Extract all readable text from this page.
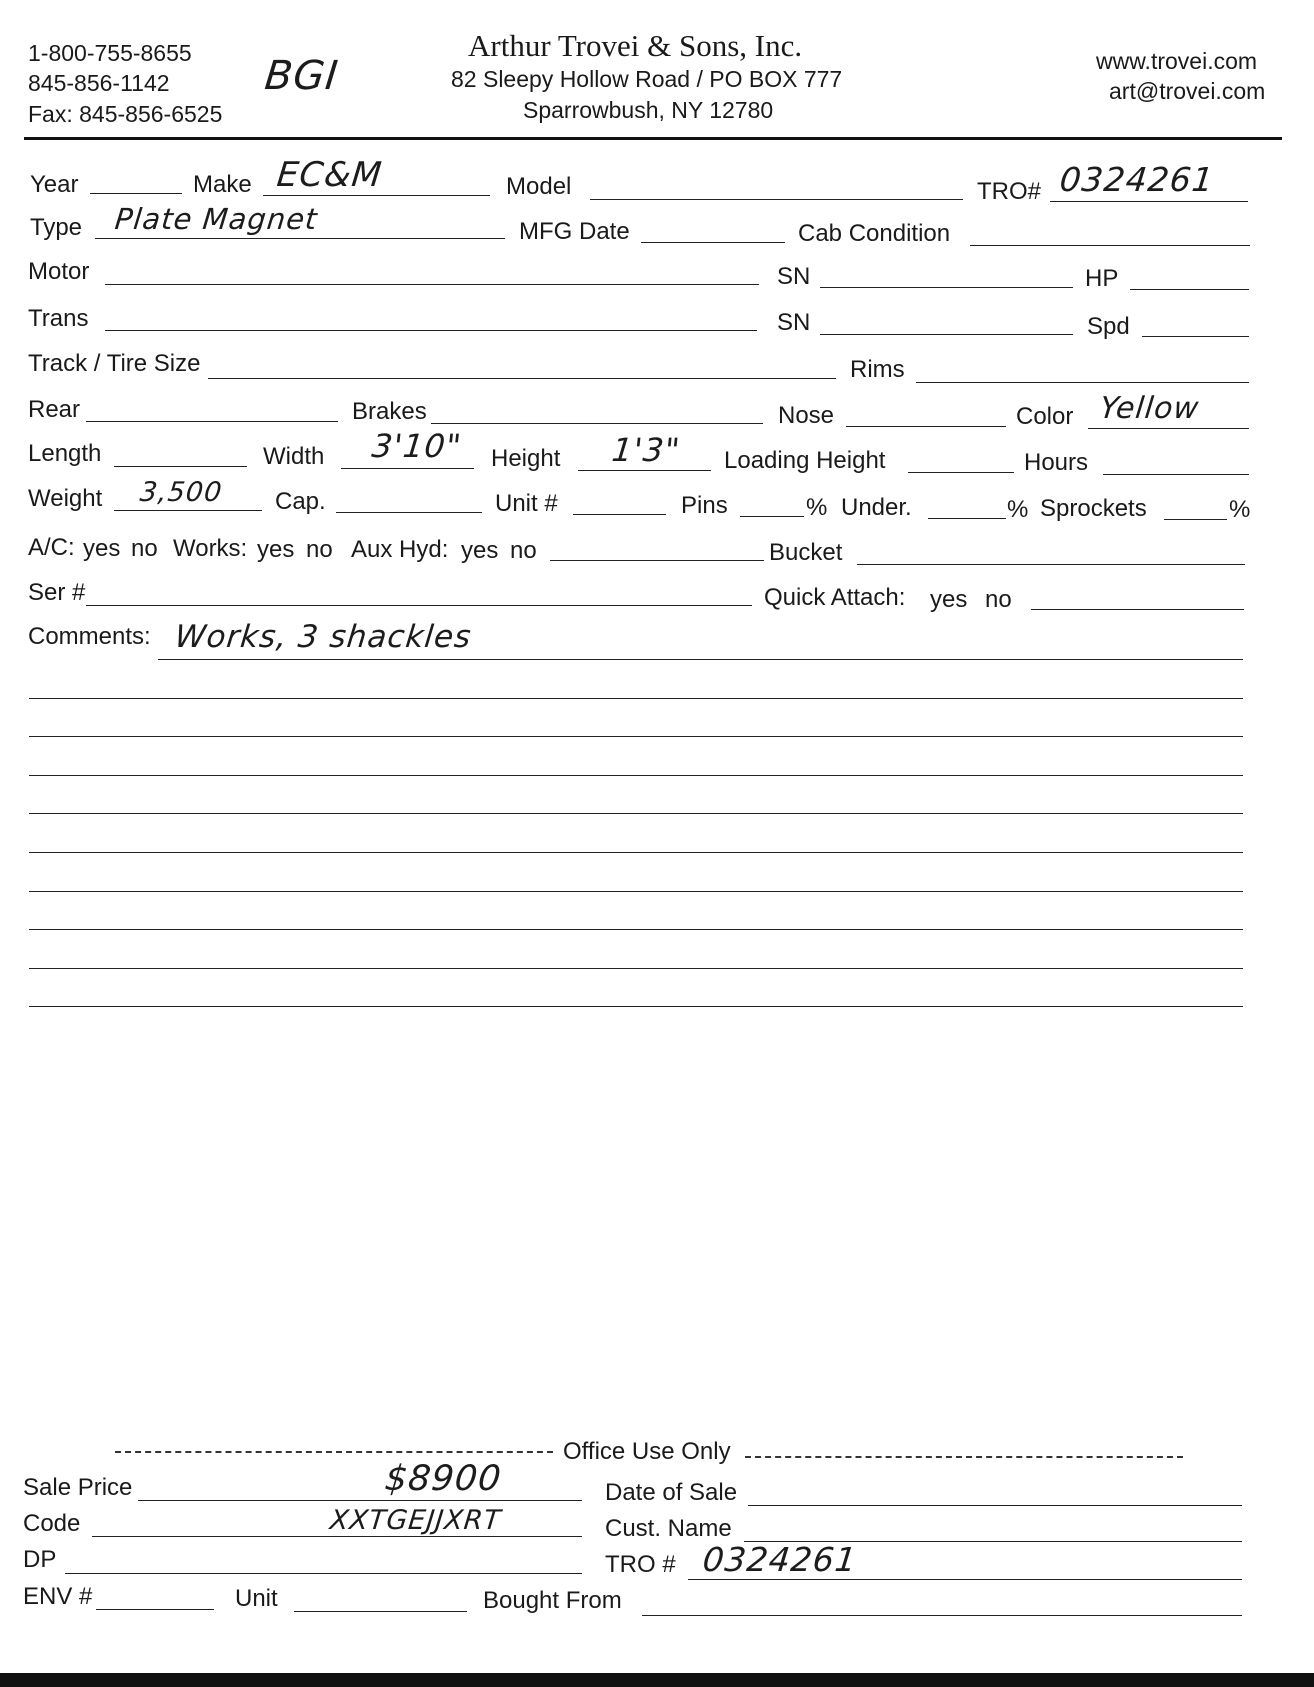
1-800-755-8655
845-856-1142
Fax: 845-856-6525
BGI
Arthur Trovei & Sons, Inc.
82 Sleepy Hollow Road / PO BOX 777
Sparrowbush, NY 12780
www.trovei.com
art@trovei.com
Year	Make EC&M	Model	TRO# 0324261
Type Plate Magnet	MFG Date	Cab Condition
Motor	SN	HP
Trans	SN	Spd
Track / Tire Size	Rims
Rear	Brakes	Nose	Color Yellow
Length	Width 3'10" Height 1'3" Loading Height	Hours
Weight 3,500 Cap.	Unit #	Pins	% Under.	% Sprockets	%
A/C: yes no Works: yes no Aux Hyd: yes no	Bucket
Ser #	Quick Attach: yes no
Comments: Works, 3 shackles
Office Use Only
Sale Price	$8900	Date of Sale
Code	XXTGEJJXRT	Cust. Name
DP	TRO # 0324261
ENV #	Unit	Bought From
